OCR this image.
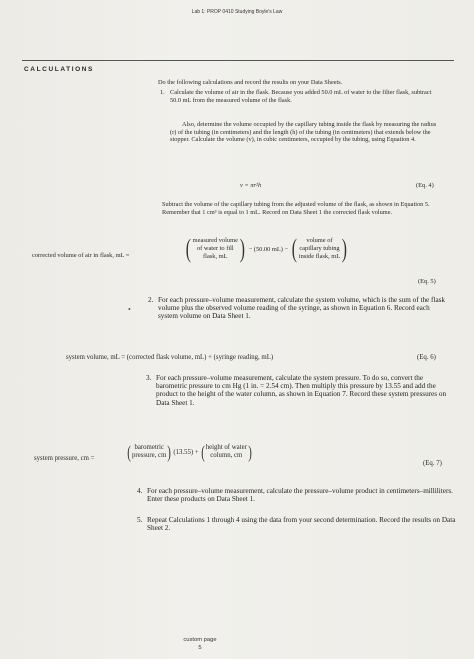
Lab 1: PROP 0410 Studying Boyle's Law
CALCULATIONS
Do the following calculations and record the results on your Data Sheets.
1. Calculate the volume of air in the flask. Because you added 50.0 mL of water to the filter flask, subtract 50.0 mL from the measured volume of the flask.
Also, determine the volume occupied by the capillary tubing inside the flask by measuring the radius (r) of the tubing (in centimeters) and the length (h) of the tubing (in centimeters) that extends below the stopper. Calculate the volume (v), in cubic centimeters, occupied by the tubing, using Equation 4.
v = πr²h	(Eq. 4)
Subtract the volume of the capillary tubing from the adjusted volume of the flask, as shown in Equation 5. Remember that 1 cm³ is equal to 1 mL. Record on Data Sheet 1 the corrected flask volume.
corrected volume of air in flask, mL = ( measured volume
of water to fill
flask, mL ) − (50.00 mL) − (	volume of
capillary tubing
inside flask, mL )
(Eq. 5)
•
2. For each pressure–volume measurement, calculate the system volume, which is the sum of the flask volume plus the observed volume reading of the syringe, as shown in Equation 6. Record each system volume on Data Sheet 1.
system volume, mL = (corrected flask volume, mL) + (syringe reading, mL)	(Eq. 6)
3. For each pressure–volume measurement, calculate the system pressure. To do so, convert the barometric pressure to cm Hg (1 in. = 2.54 cm). Then multiply this pressure by 13.55 and add the product to the height of the water column, as shown in Equation 7. Record these system pressures on Data Sheet 1.
system pressure, cm = ( barometric
pressure, cm ) (13.55) + ( height of water
column, cm )
(Eq. 7)
4. For each pressure–volume measurement, calculate the pressure–volume product in centimeters–milliliters. Enter these products on Data Sheet 1.
5. Repeat Calculations 1 through 4 using the data from your second determination. Record the results on Data Sheet 2.
custom page
5
